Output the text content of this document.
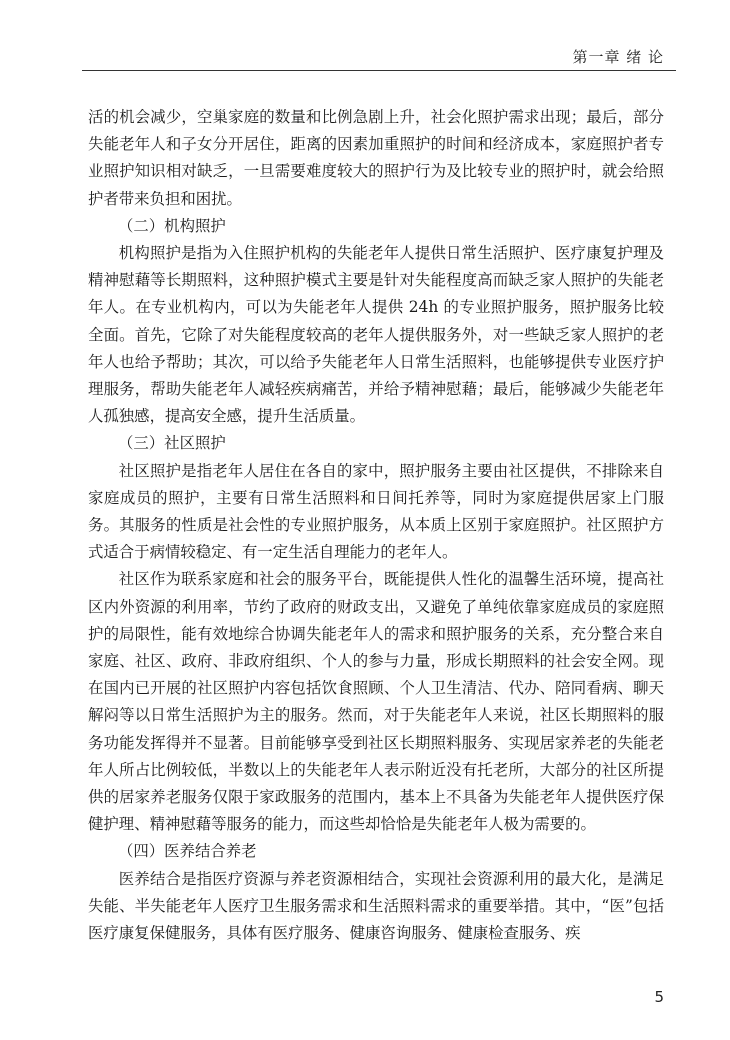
第一章 绪 论

活的机会减少，空巢家庭的数量和比例急剧上升，社会化照护需求出现；最后，部分失能老年人和子女分开居住，距离的因素加重照护的时间和经济成本，家庭照护者专业照护知识相对缺乏，一旦需要难度较大的照护行为及比较专业的照护时，就会给照护者带来负担和困扰。

（二）机构照护

机构照护是指为入住照护机构的失能老年人提供日常生活照护、医疗康复护理及精神慰藉等长期照料，这种照护模式主要是针对失能程度高而缺乏家人照护的失能老年人。在专业机构内，可以为失能老年人提供 24h 的专业照护服务，照护服务比较全面。首先，它除了对失能程度较高的老年人提供服务外，对一些缺乏家人照护的老年人也给予帮助；其次，可以给予失能老年人日常生活照料，也能够提供专业医疗护理服务，帮助失能老年人减轻疾病痛苦，并给予精神慰藉；最后，能够减少失能老年人孤独感，提高安全感，提升生活质量。

（三）社区照护

社区照护是指老年人居住在各自的家中，照护服务主要由社区提供，不排除来自家庭成员的照护，主要有日常生活照料和日间托养等，同时为家庭提供居家上门服务。其服务的性质是社会性的专业照护服务，从本质上区别于家庭照护。社区照护方式适合于病情较稳定、有一定生活自理能力的老年人。

社区作为联系家庭和社会的服务平台，既能提供人性化的温馨生活环境，提高社区内外资源的利用率，节约了政府的财政支出，又避免了单纯依靠家庭成员的家庭照护的局限性，能有效地综合协调失能老年人的需求和照护服务的关系，充分整合来自家庭、社区、政府、非政府组织、个人的参与力量，形成长期照料的社会安全网。现在国内已开展的社区照护内容包括饮食照顾、个人卫生清洁、代办、陪同看病、聊天解闷等以日常生活照护为主的服务。然而，对于失能老年人来说，社区长期照料的服务功能发挥得并不显著。目前能够享受到社区长期照料服务、实现居家养老的失能老年人所占比例较低，半数以上的失能老年人表示附近没有托老所，大部分的社区所提供的居家养老服务仅限于家政服务的范围内，基本上不具备为失能老年人提供医疗保健护理、精神慰藉等服务的能力，而这些却恰恰是失能老年人极为需要的。

（四）医养结合养老

医养结合是指医疗资源与养老资源相结合，实现社会资源利用的最大化，是满足失能、半失能老年人医疗卫生服务需求和生活照料需求的重要举措。其中，“医”包括医疗康复保健服务，具体有医疗服务、健康咨询服务、健康检查服务、疾

5
